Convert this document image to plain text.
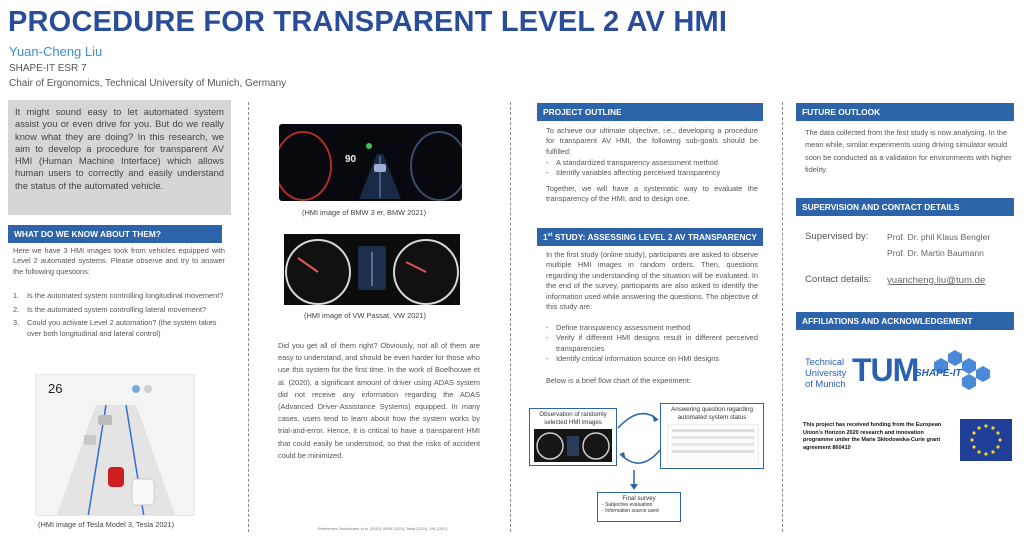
PROCEDURE FOR TRANSPARENT LEVEL 2 AV HMI
Yuan-Cheng Liu
SHAPE-IT ESR 7
Chair of Ergonomics, Technical University of Munich, Germany
It might sound easy to let automated system assist you or even drive for you. But do we really know what they are doing? In this research, we aim to develop a procedure for transparent AV HMI (Human Machine Interface) which allows human users to correctly and easily understand the status of the automated vehicle.
WHAT DO WE KNOW ABOUT THEM?
Here we have 3 HMI images took from vehicles equipped with Level 2 automated systems. Please observe and try to answer the following questions:
1. Is the automated system controlling longitudinal movement?
2. Is the automated system controlling lateral movement?
3. Could you activate Level 2 automation? (the system takes over both longitudinal and lateral control)
26
(HMI image of Tesla Model 3, Tesla 2021)
90
(HMI image of BMW 3 er, BMW 2021)
(HMI image of VW Passat, VW 2021)
Did you get all of them right? Obviously, not all of them are easy to understand, and should be even harder for those who use this system for the first time. In the work of Boelhouwe et al. (2020), a significant amount of driver using ADAS system did not receive any information regarding the ADAS (Advanced Driver-Assistance Systems) equipped. In many cases, users tend to learn about how the system works by trial-and-error. Hence, it is critical to have a transparent HMI that could easily be understood, so that the risks of accident could be minimized.
PROJECT OUTLINE
To achieve our ultimate objective, i.e., developing a procedure for transparent AV HMI, the following sub-goals should be fulfilled:
- A standardized transparency assessment method
- Identify variables affecting perceived transparency
Together, we will have a systematic way to evaluate the transparency of the HMI, and to design one.
1st STUDY: ASSESSING LEVEL 2 AV TRANSPARENCY
In the first study (online study), participants are asked to observe multiple HMI images in random orders. Then, questions regarding the understanding of the situation will be evaluated. In the end of the survey, participants are also asked to identify the information used while answering the questions. The objective of this study are:
- Define transparency assessment method
- Verify if different HMI designs result in different perceived transparencies
- Identify critical information source on HMI designs
Below is a brief flow chart of the experiment:
Observation of randomly selected HMI images
Answering question regarding automated system status
Final survey
- Subjective evaluation
- Information source used
FUTURE OUTLOOK
The data collected from the first study is now analysing. In the mean while, similar experiments using driving simulator would soon be conducted as a validation for environments with higher fidelity.
SUPERVISION AND CONTACT DETAILS
Supervised by: Prof. Dr. phil Klaus Bengler
Prof. Dr. Martin Baumann
Contact details: yuancheng.liu@tum.de
AFFILIATIONS AND ACKNOWLEDGEMENT
Technical
University
of Munich TUM
SHAPE-IT
This project has received funding from the European Union's Horizon 2020 research and innovation programme under the Marie Skłodowska-Curie grant agreement 860410
References: Boelhouwer et al. (2020), BMW (2021), Tesla (2021), VW (2021)
